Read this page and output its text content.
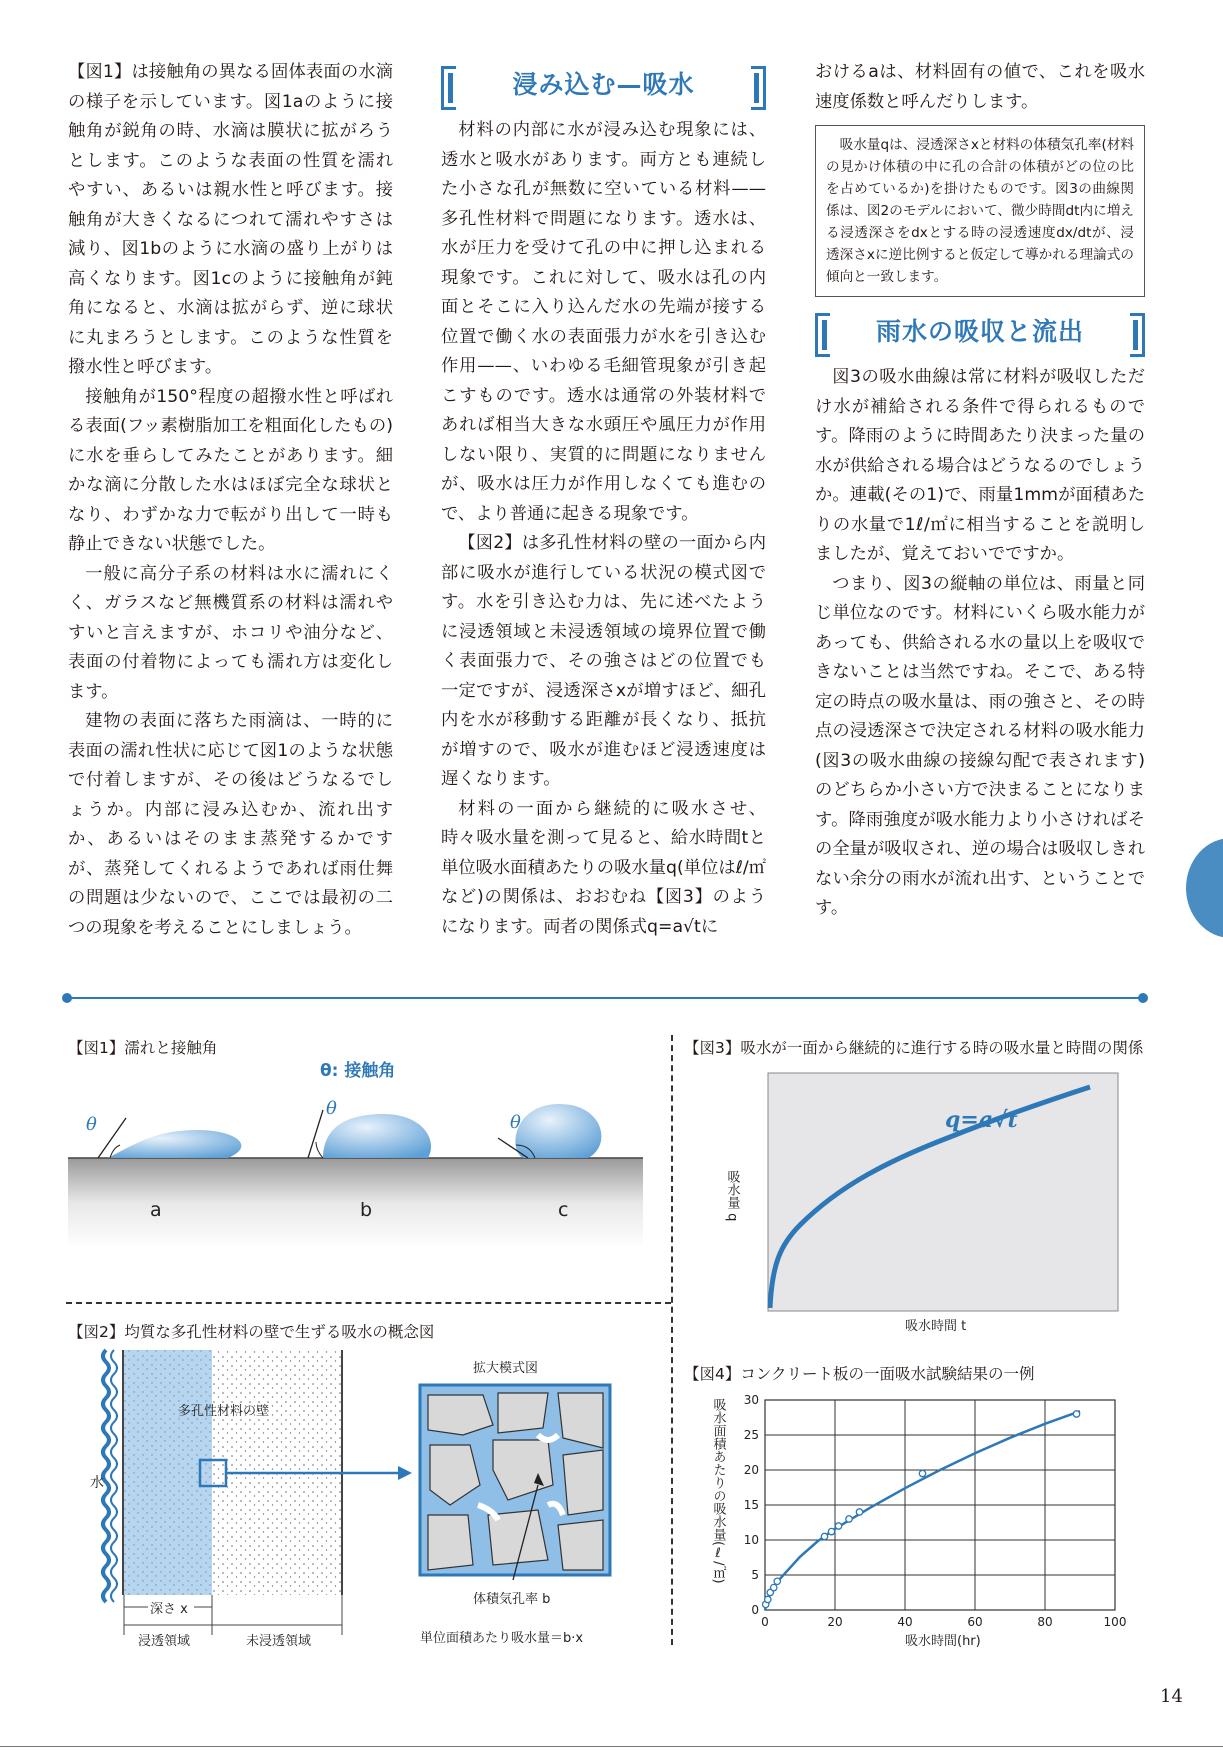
【図1】は接触角の異なる固体表面の水滴の様子を示しています。図1aのように接触角が鋭角の時、水滴は膜状に拡がろうとします。このような表面の性質を濡れやすい、あるいは親水性と呼びます。接触角が大きくなるにつれて濡れやすさは減り、図1bのように水滴の盛り上がりは高くなります。図1cのように接触角が鈍角になると、水滴は拡がらず、逆に球状に丸まろうとします。このような性質を撥水性と呼びます。

接触角が150°程度の超撥水性と呼ばれる表面(フッ素樹脂加工を粗面化したもの)に水を垂らしてみたことがあります。細かな滴に分散した水はほぼ完全な球状となり、わずかな力で転がり出して一時も静止できない状態でした。

一般に高分子系の材料は水に濡れにくく、ガラスなど無機質系の材料は濡れやすいと言えますが、ホコリや油分など、表面の付着物によっても濡れ方は変化します。

建物の表面に落ちた雨滴は、一時的に表面の濡れ性状に応じて図1のような状態で付着しますが、その後はどうなるでしょうか。内部に浸み込むか、流れ出すか、あるいはそのまま蒸発するかですが、蒸発してくれるようであれば雨仕舞の問題は少ないので、ここでは最初の二つの現象を考えることにしましょう。

浸み込む—吸水

材料の内部に水が浸み込む現象には、透水と吸水があります。両方とも連続した小さな孔が無数に空いている材料——多孔性材料で問題になります。透水は、水が圧力を受けて孔の中に押し込まれる現象です。これに対して、吸水は孔の内面とそこに入り込んだ水の先端が接する位置で働く水の表面張力が水を引き込む作用——、いわゆる毛細管現象が引き起こすものです。透水は通常の外装材料であれば相当大きな水頭圧や風圧力が作用しない限り、実質的に問題になりませんが、吸水は圧力が作用しなくても進むので、より普通に起きる現象です。

【図2】は多孔性材料の壁の一面から内部に吸水が進行している状況の模式図です。水を引き込む力は、先に述べたように浸透領域と未浸透領域の境界位置で働く表面張力で、その強さはどの位置でも一定ですが、浸透深さxが増すほど、細孔内を水が移動する距離が長くなり、抵抗が増すので、吸水が進むほど浸透速度は遅くなります。

材料の一面から継続的に吸水させ、時々吸水量を測って見ると、給水時間tと単位吸水面積あたりの吸水量q(単位はℓ/㎡など)の関係は、おおむね【図3】のようになります。両者の関係式q=a√tに

おけるaは、材料固有の値で、これを吸水速度係数と呼んだりします。

吸水量qは、浸透深さxと材料の体積気孔率(材料の見かけ体積の中に孔の合計の体積がどの位の比を占めているか)を掛けたものです。図3の曲線関係は、図2のモデルにおいて、微少時間dt内に増える浸透深さをdxとする時の浸透速度dx/dtが、浸透深さxに逆比例すると仮定して導かれる理論式の傾向と一致します。
雨水の吸収と流出

図3の吸水曲線は常に材料が吸収しただけ水が補給される条件で得られるものです。降雨のように時間あたり決まった量の水が供給される場合はどうなるのでしょうか。連載(その1)で、雨量1mmが面積あたりの水量で1ℓ/㎡に相当することを説明しましたが、覚えておいでですか。

つまり、図3の縦軸の単位は、雨量と同じ単位なのです。材料にいくら吸水能力があっても、供給される水の量以上を吸収できないことは当然ですね。そこで、ある特定の時点の吸水量は、雨の強さと、その時点の浸透深さで決定される材料の吸水能力(図3の吸水曲線の接線勾配で表されます)のどちらか小さい方で決まることになります。降雨強度が吸水能力より小さければその全量が吸収され、逆の場合は吸収しきれない余分の雨水が流れ出す、ということです。

【図1】濡れと接触角
θ: 接触角
θ
θ
θ
a	b	c
【図2】均質な多孔性材料の壁で生ずる吸水の概念図
水
多孔性材料の壁
深さ x
浸透領域	未浸透領域
拡大模式図
体積気孔率 b
単位面積あたり吸水量＝b·x
【図3】吸水が一面から継続的に進行する時の吸水量と時間の関係
q=a√t
吸水量 q
吸水時間 t
【図4】コンクリート板の一面吸水試験結果の一例
吸水面積あたりの吸水量(ℓ/㎡)
吸水時間(hr)
0	20	40	60	80	100
0
5
10
15
20
25
30
14
